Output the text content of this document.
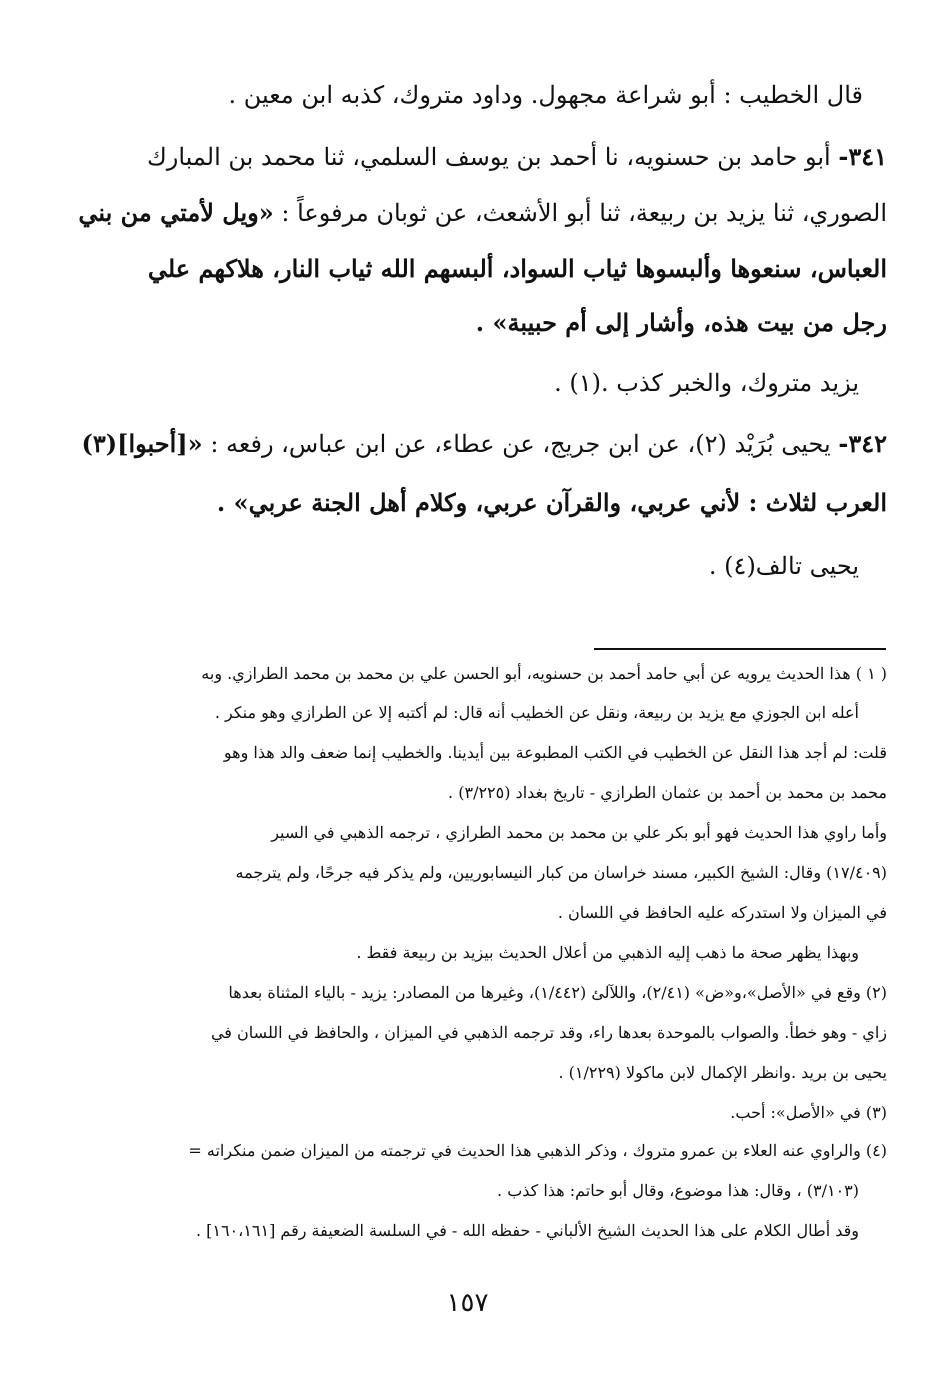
قال الخطيب : أبو شراعة مجهول. وداود متروك، كذبه ابن معين .
٣٤١- أبو حامد بن حسنويه، نا أحمد بن يوسف السلمي، ثنا محمد بن المبارك
الصوري، ثنا يزيد بن ربيعة، ثنا أبو الأشعث، عن ثوبان مرفوعاً : «ويل لأمتي من بني
العباس، سنعوها وألبسوها ثياب السواد، ألبسهم الله ثياب النار، هلاكهم علي
رجل من بيت هذه، وأشار إلى أم حبيبة» .
يزيد متروك، والخبر كذب .(١) .
٣٤٢- يحيى بُرَيْد (٢)، عن ابن جريج، عن عطاء، عن ابن عباس، رفعه : «[أحبوا](٣)
العرب لثلاث : لأني عربي، والقرآن عربي، وكلام أهل الجنة عربي» .
يحيى تالف(٤) .
( ١ ) هذا الحديث يرويه عن أبي حامد أحمد بن حسنويه، أبو الحسن علي بن محمد بن محمد الطرازي. وبه
أعله ابن الجوزي مع يزيد بن ربيعة، ونقل عن الخطيب أنه قال: لم أكتبه إلا عن الطرازي وهو منكر .
قلت: لم أجد هذا النقل عن الخطيب في الكتب المطبوعة بين أيدينا. والخطيب إنما ضعف والد هذا وهو
محمد بن محمد بن أحمد بن عثمان الطرازي - تاريخ بغداد (٣/٢٢٥) .
وأما راوي هذا الحديث فهو أبو بكر علي بن محمد بن محمد الطرازي ، ترجمه الذهبي في السير
(١٧/٤٠٩) وقال: الشيخ الكبير، مسند خراسان من كبار النيسابوريين، ولم يذكر فيه جرحًا، ولم يترجمه
في الميزان ولا استدركه عليه الحافظ في اللسان .
وبهذا يظهر صحة ما ذهب إليه الذهبي من أعلال الحديث بيزيد بن ربيعة فقط .
(٢) وقع في «الأصل»،و«ض» (٢/٤١)، واللآلئ (١/٤٤٢)، وغيرها من المصادر: يزيد - بالياء المثناة بعدها
زاي - وهو خطأ. والصواب بالموحدة بعدها راء، وقد ترجمه الذهبي في الميزان ، والحافظ في اللسان في
يحيى بن بريد .وانظر الإكمال لابن ماكولا (١/٢٢٩) .
(٣) في «الأصل»: أحب.
(٤) والراوي عنه العلاء بن عمرو متروك ، وذكر الذهبي هذا الحديث في ترجمته من الميزان ضمن منكراته =
(٣/١٠٣) ، وقال: هذا موضوع، وقال أبو حاتم: هذا كذب .
وقد أطال الكلام على هذا الحديث الشيخ الألباني - حفظه الله - في السلسة الضعيفة رقم [١٦٠،١٦١] .
١٥٧
